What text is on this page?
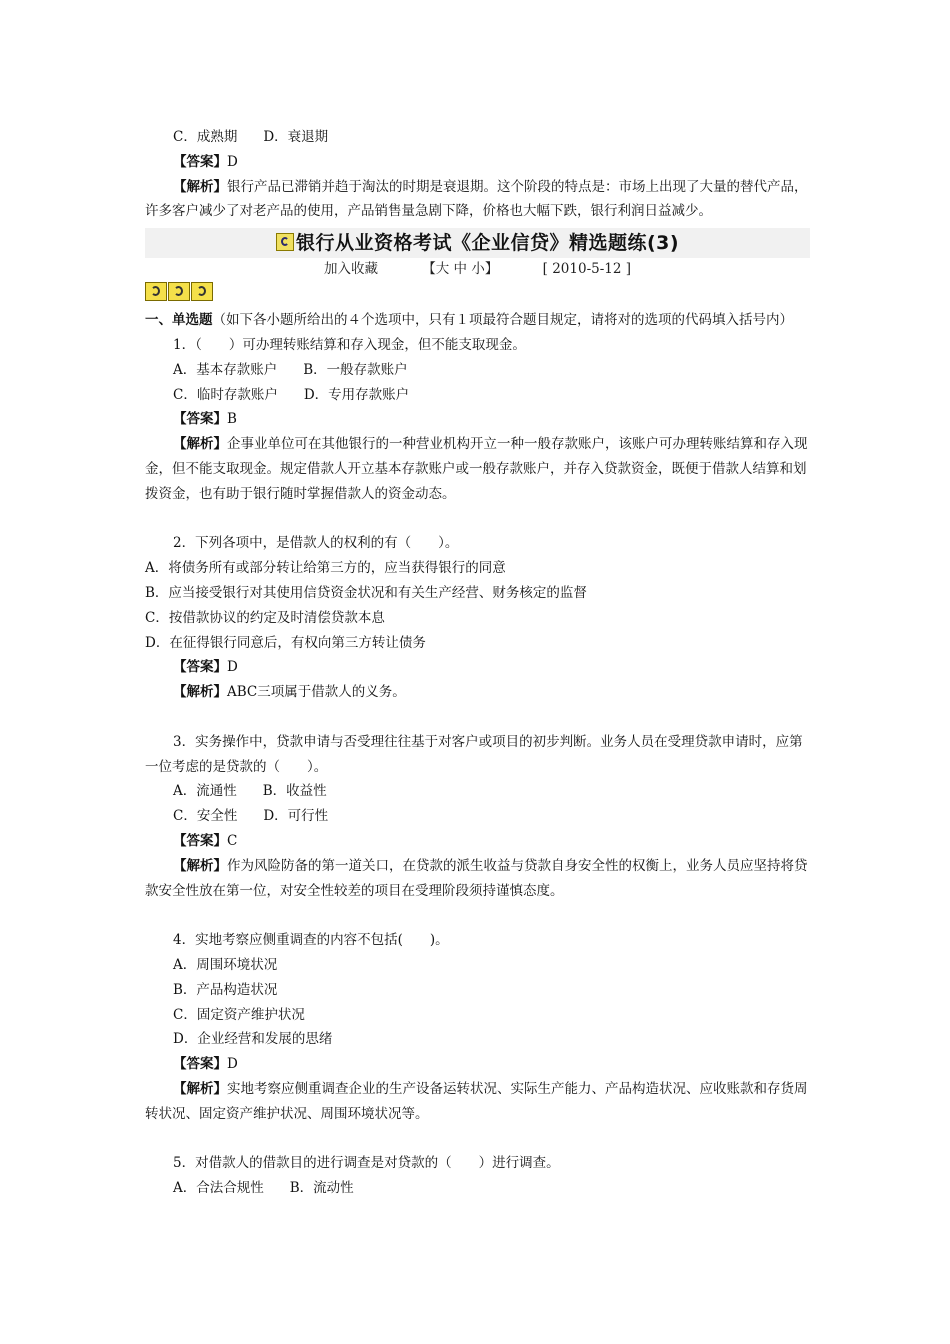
C．成熟期 D．衰退期
【答案】D
【解析】银行产品已滞销并趋于淘汰的时期是衰退期。这个阶段的特点是：市场上出现了大量的替代产品，许多客户减少了对老产品的使用，产品销售量急剧下降，价格也大幅下跌，银行利润日益减少。
银行从业资格考试《企业信贷》精选题练(3)
加入收藏	【大 中 小】	[ 2010-5-12 ]
一、单选题（如下各小题所给出的４个选项中，只有１项最符合题目规定，请将对的选项的代码填入括号内）
1．（　　）可办理转账结算和存入现金，但不能支取现金。
A．基本存款账户 B．一般存款账户
C．临时存款账户 D．专用存款账户
【答案】B
【解析】企事业单位可在其他银行的一种营业机构开立一种一般存款账户，该账户可办理转账结算和存入现金，但不能支取现金。规定借款人开立基本存款账户或一般存款账户，并存入贷款资金，既便于借款人结算和划拨资金，也有助于银行随时掌握借款人的资金动态。
2．下列各项中，是借款人的权利的有（　　）。
A．将债务所有或部分转让给第三方的，应当获得银行的同意
B．应当接受银行对其使用信贷资金状况和有关生产经营、财务核定的监督
C．按借款协议的约定及时清偿贷款本息
D．在征得银行同意后，有权向第三方转让债务
【答案】D
【解析】ABC三项属于借款人的义务。
3．实务操作中，贷款申请与否受理往往基于对客户或项目的初步判断。业务人员在受理贷款申请时，应第一位考虑的是贷款的（　　）。
A．流通性 B．收益性
C．安全性 D．可行性
【答案】C
【解析】作为风险防备的第一道关口，在贷款的派生收益与贷款自身安全性的权衡上，业务人员应坚持将贷款安全性放在第一位，对安全性较差的项目在受理阶段须持谨慎态度。
4．实地考察应侧重调查的内容不包括(　　)。
A．周围环境状况
B．产品构造状况
C．固定资产维护状况
D．企业经营和发展的思绪
【答案】D
【解析】实地考察应侧重调查企业的生产设备运转状况、实际生产能力、产品构造状况、应收账款和存货周转状况、固定资产维护状况、周围环境状况等。
5．对借款人的借款目的进行调查是对贷款的（　　）进行调查。
A．合法合规性 B．流动性
